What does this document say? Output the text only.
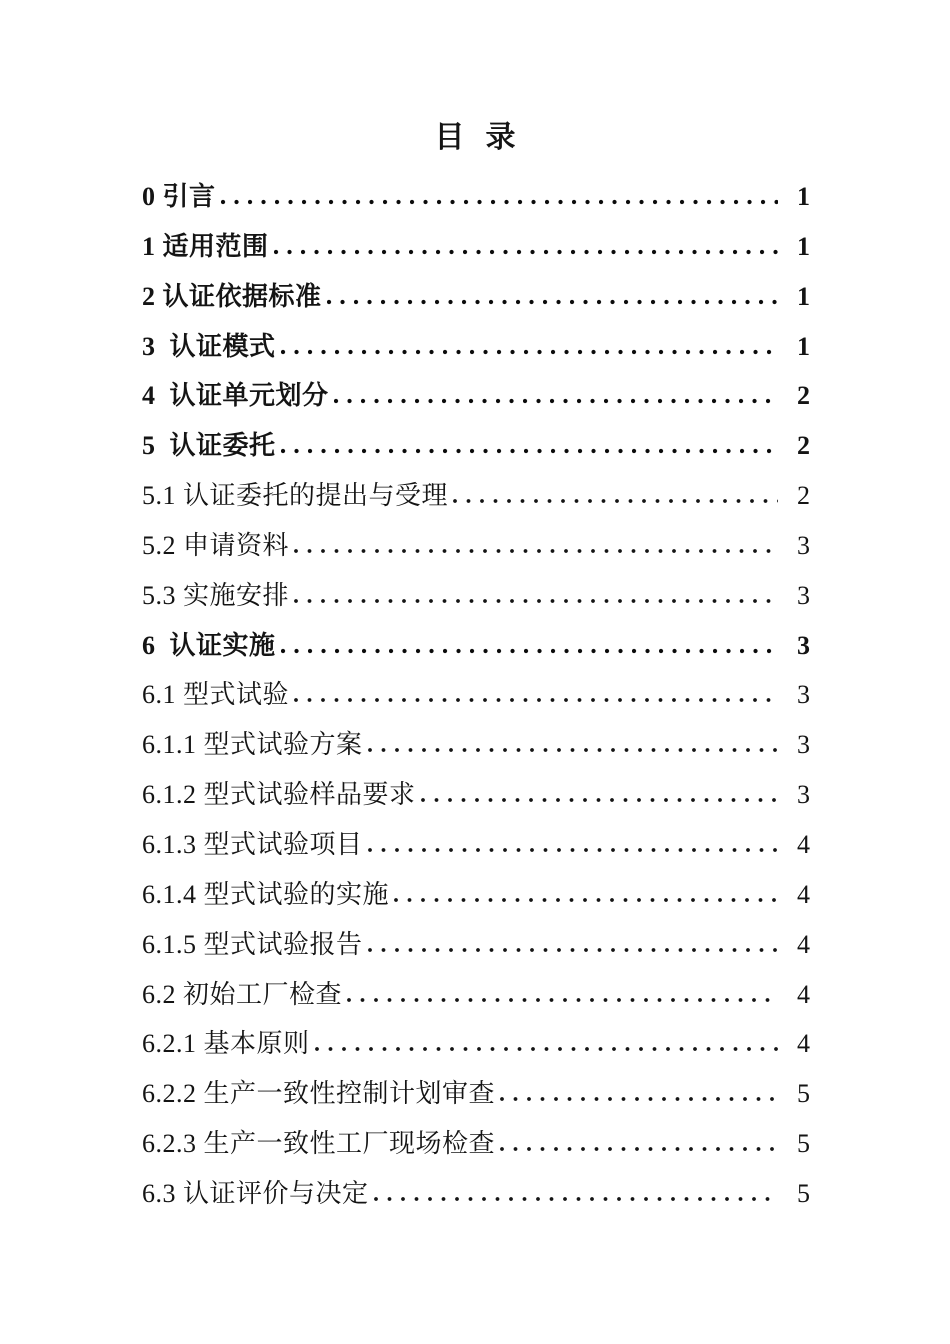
目  录
0 引言	1
1 适用范围	1
2 认证依据标准	1
3  认证模式	1
4  认证单元划分	2
5  认证委托	2
5.1 认证委托的提出与受理	2
5.2 申请资料	3
5.3 实施安排	3
6  认证实施	3
6.1 型式试验	3
6.1.1 型式试验方案	3
6.1.2 型式试验样品要求	3
6.1.3 型式试验项目	4
6.1.4 型式试验的实施	4
6.1.5 型式试验报告	4
6.2 初始工厂检查	4
6.2.1 基本原则	4
6.2.2 生产一致性控制计划审查	5
6.2.3 生产一致性工厂现场检查	5
6.3 认证评价与决定	5
